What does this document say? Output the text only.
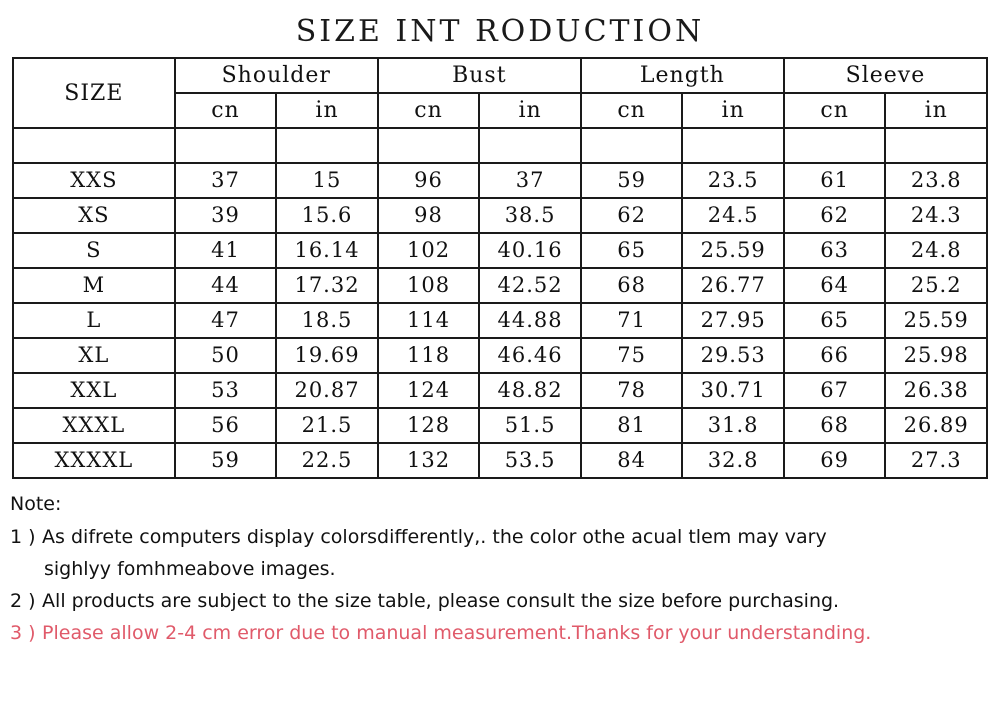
SIZE INT RODUCTION
SIZE	Shoulder		Bust		Length		Sleeve	
	cn	in	cn	in	cn	in	cn	in

XXS	37	15	96	37	59	23.5	61	23.8
XS	39	15.6	98	38.5	62	24.5	62	24.3
S	41	16.14	102	40.16	65	25.59	63	24.8
M	44	17.32	108	42.52	68	26.77	64	25.2
L	47	18.5	114	44.88	71	27.95	65	25.59
XL	50	19.69	118	46.46	75	29.53	66	25.98
XXL	53	20.87	124	48.82	78	30.71	67	26.38
XXXL	56	21.5	128	51.5	81	31.8	68	26.89
XXXXL	59	22.5	132	53.5	84	32.8	69	27.3
Note:
1 ) As difrete computers display colorsdifferently,. the color othe acual tlem may vary
sighlyy fomhmeabove images.
2 ) All products are subject to the size table, please consult the size before purchasing.
3 ) Please allow 2-4 cm error due to manual measurement.Thanks for your understanding.
